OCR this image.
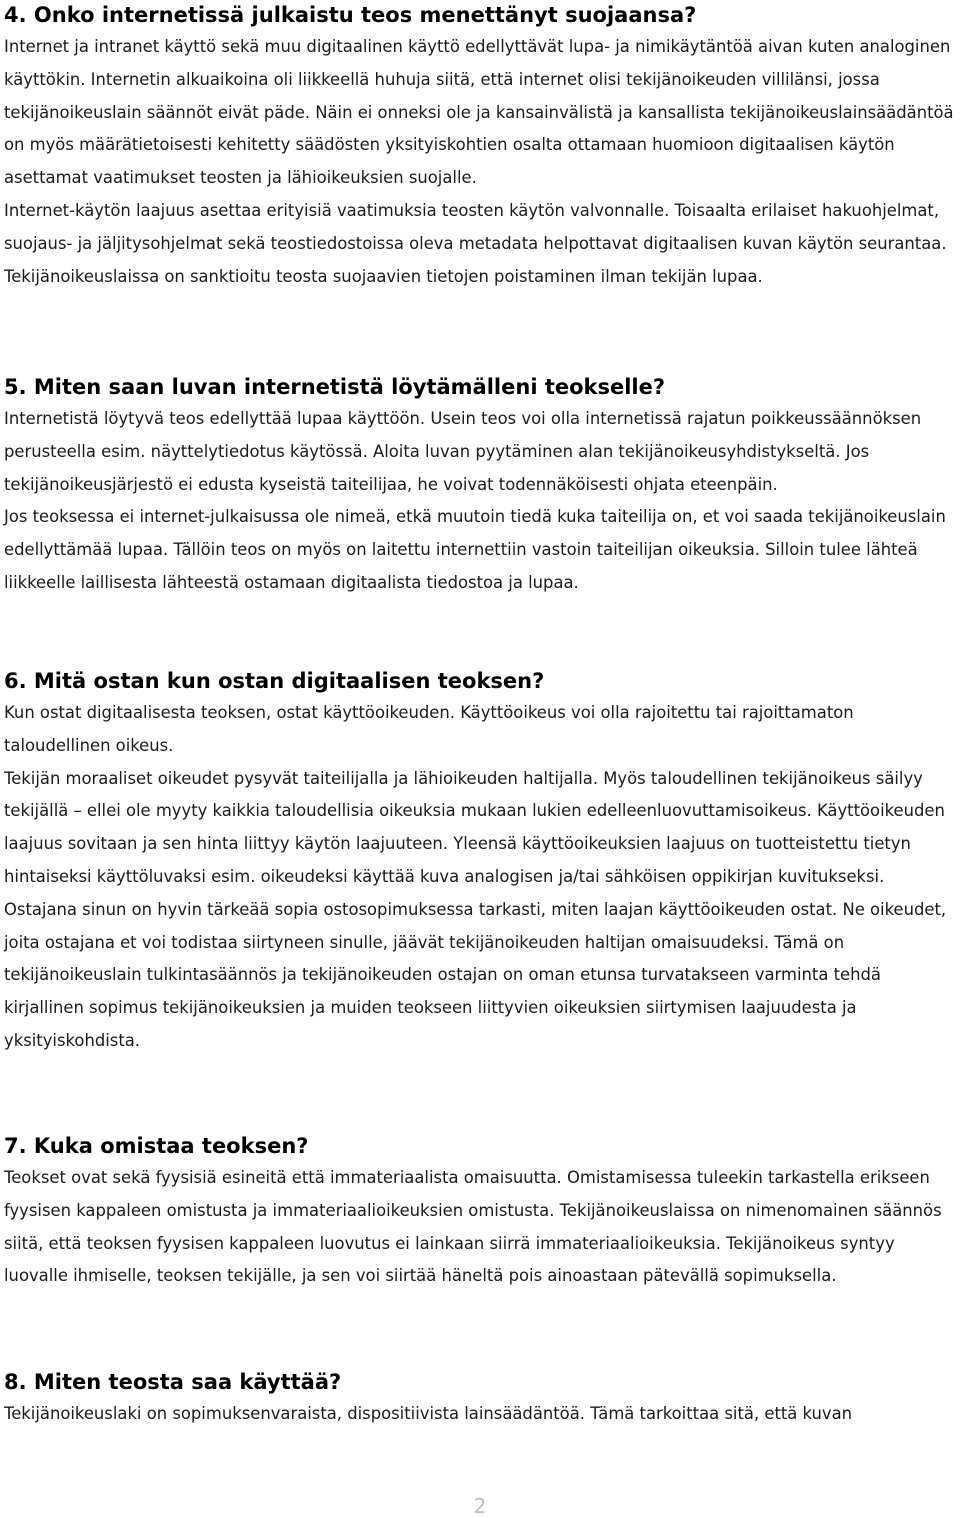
4. Onko internetissä julkaistu teos menettänyt suojaansa?

Internet ja intranet käyttö sekä muu digitaalinen käyttö edellyttävät lupa- ja nimikäytäntöä aivan kuten analoginen käyttökin. Internetin alkuaikoina oli liikkeellä huhuja siitä, että internet olisi tekijänoikeuden villilänsi, jossa tekijänoikeuslain säännöt eivät päde. Näin ei onneksi ole ja kansainvälistä ja kansallista tekijänoikeuslainsäädäntöä on myös määrätietoisesti kehitetty säädösten yksityiskohtien osalta ottamaan huomioon digitaalisen käytön asettamat vaatimukset teosten ja lähioikeuksien suojalle.

Internet-käytön laajuus asettaa erityisiä vaatimuksia teosten käytön valvonnalle. Toisaalta erilaiset hakuohjelmat, suojaus- ja jäljitysohjelmat sekä teostiedostoissa oleva metadata helpottavat digitaalisen kuvan käytön seurantaa. Tekijänoikeuslaissa on sanktioitu teosta suojaavien tietojen poistaminen ilman tekijän lupaa.

5. Miten saan luvan internetistä löytämälleni teokselle?

Internetistä löytyvä teos edellyttää lupaa käyttöön. Usein teos voi olla internetissä rajatun poikkeussäännöksen perusteella esim. näyttelytiedotus käytössä. Aloita luvan pyytäminen alan tekijänoikeusyhdistykseltä. Jos tekijänoikeusjärjestö ei edusta kyseistä taiteilijaa, he voivat todennäköisesti ohjata eteenpäin.

Jos teoksessa ei internet-julkaisussa ole nimeä, etkä muutoin tiedä kuka taiteilija on, et voi saada tekijänoikeuslain edellyttämää lupaa. Tällöin teos on myös on laitettu internettiin vastoin taiteilijan oikeuksia. Silloin tulee lähteä liikkeelle laillisesta lähteestä ostamaan digitaalista tiedostoa ja lupaa.

6. Mitä ostan kun ostan digitaalisen teoksen?

Kun ostat digitaalisesta teoksen, ostat käyttöoikeuden. Käyttöoikeus voi olla rajoitettu tai rajoittamaton taloudellinen oikeus.

Tekijän moraaliset oikeudet pysyvät taiteilijalla ja lähioikeuden haltijalla. Myös taloudellinen tekijänoikeus säilyy tekijällä – ellei ole myyty kaikkia taloudellisia oikeuksia mukaan lukien edelleenluovuttamisoikeus. Käyttöoikeuden laajuus sovitaan ja sen hinta liittyy käytön laajuuteen. Yleensä käyttöoikeuksien laajuus on tuotteistettu tietyn hintaiseksi käyttöluvaksi esim. oikeudeksi käyttää kuva analogisen ja/tai sähköisen oppikirjan kuvitukseksi.

Ostajana sinun on hyvin tärkeää sopia ostosopimuksessa tarkasti, miten laajan käyttöoikeuden ostat. Ne oikeudet, joita ostajana et voi todistaa siirtyneen sinulle, jäävät tekijänoikeuden haltijan omaisuudeksi. Tämä on tekijänoikeuslain tulkintasäännös ja tekijänoikeuden ostajan on oman etunsa turvatakseen varminta tehdä kirjallinen sopimus tekijänoikeuksien ja muiden teokseen liittyvien oikeuksien siirtymisen laajuudesta ja yksityiskohdista.

7. Kuka omistaa teoksen?

Teokset ovat sekä fyysisiä esineitä että immateriaalista omaisuutta. Omistamisessa tuleekin tarkastella erikseen fyysisen kappaleen omistusta ja immateriaalioikeuksien omistusta. Tekijänoikeuslaissa on nimenomainen säännös siitä, että teoksen fyysisen kappaleen luovutus ei lainkaan siirrä immateriaalioikeuksia. Tekijänoikeus syntyy luovalle ihmiselle, teoksen tekijälle, ja sen voi siirtää häneltä pois ainoastaan pätevällä sopimuksella.

8. Miten teosta saa käyttää?

Tekijänoikeuslaki on sopimuksenvaraista, dispositiivista lainsäädäntöä. Tämä tarkoittaa sitä, että kuvan

2
